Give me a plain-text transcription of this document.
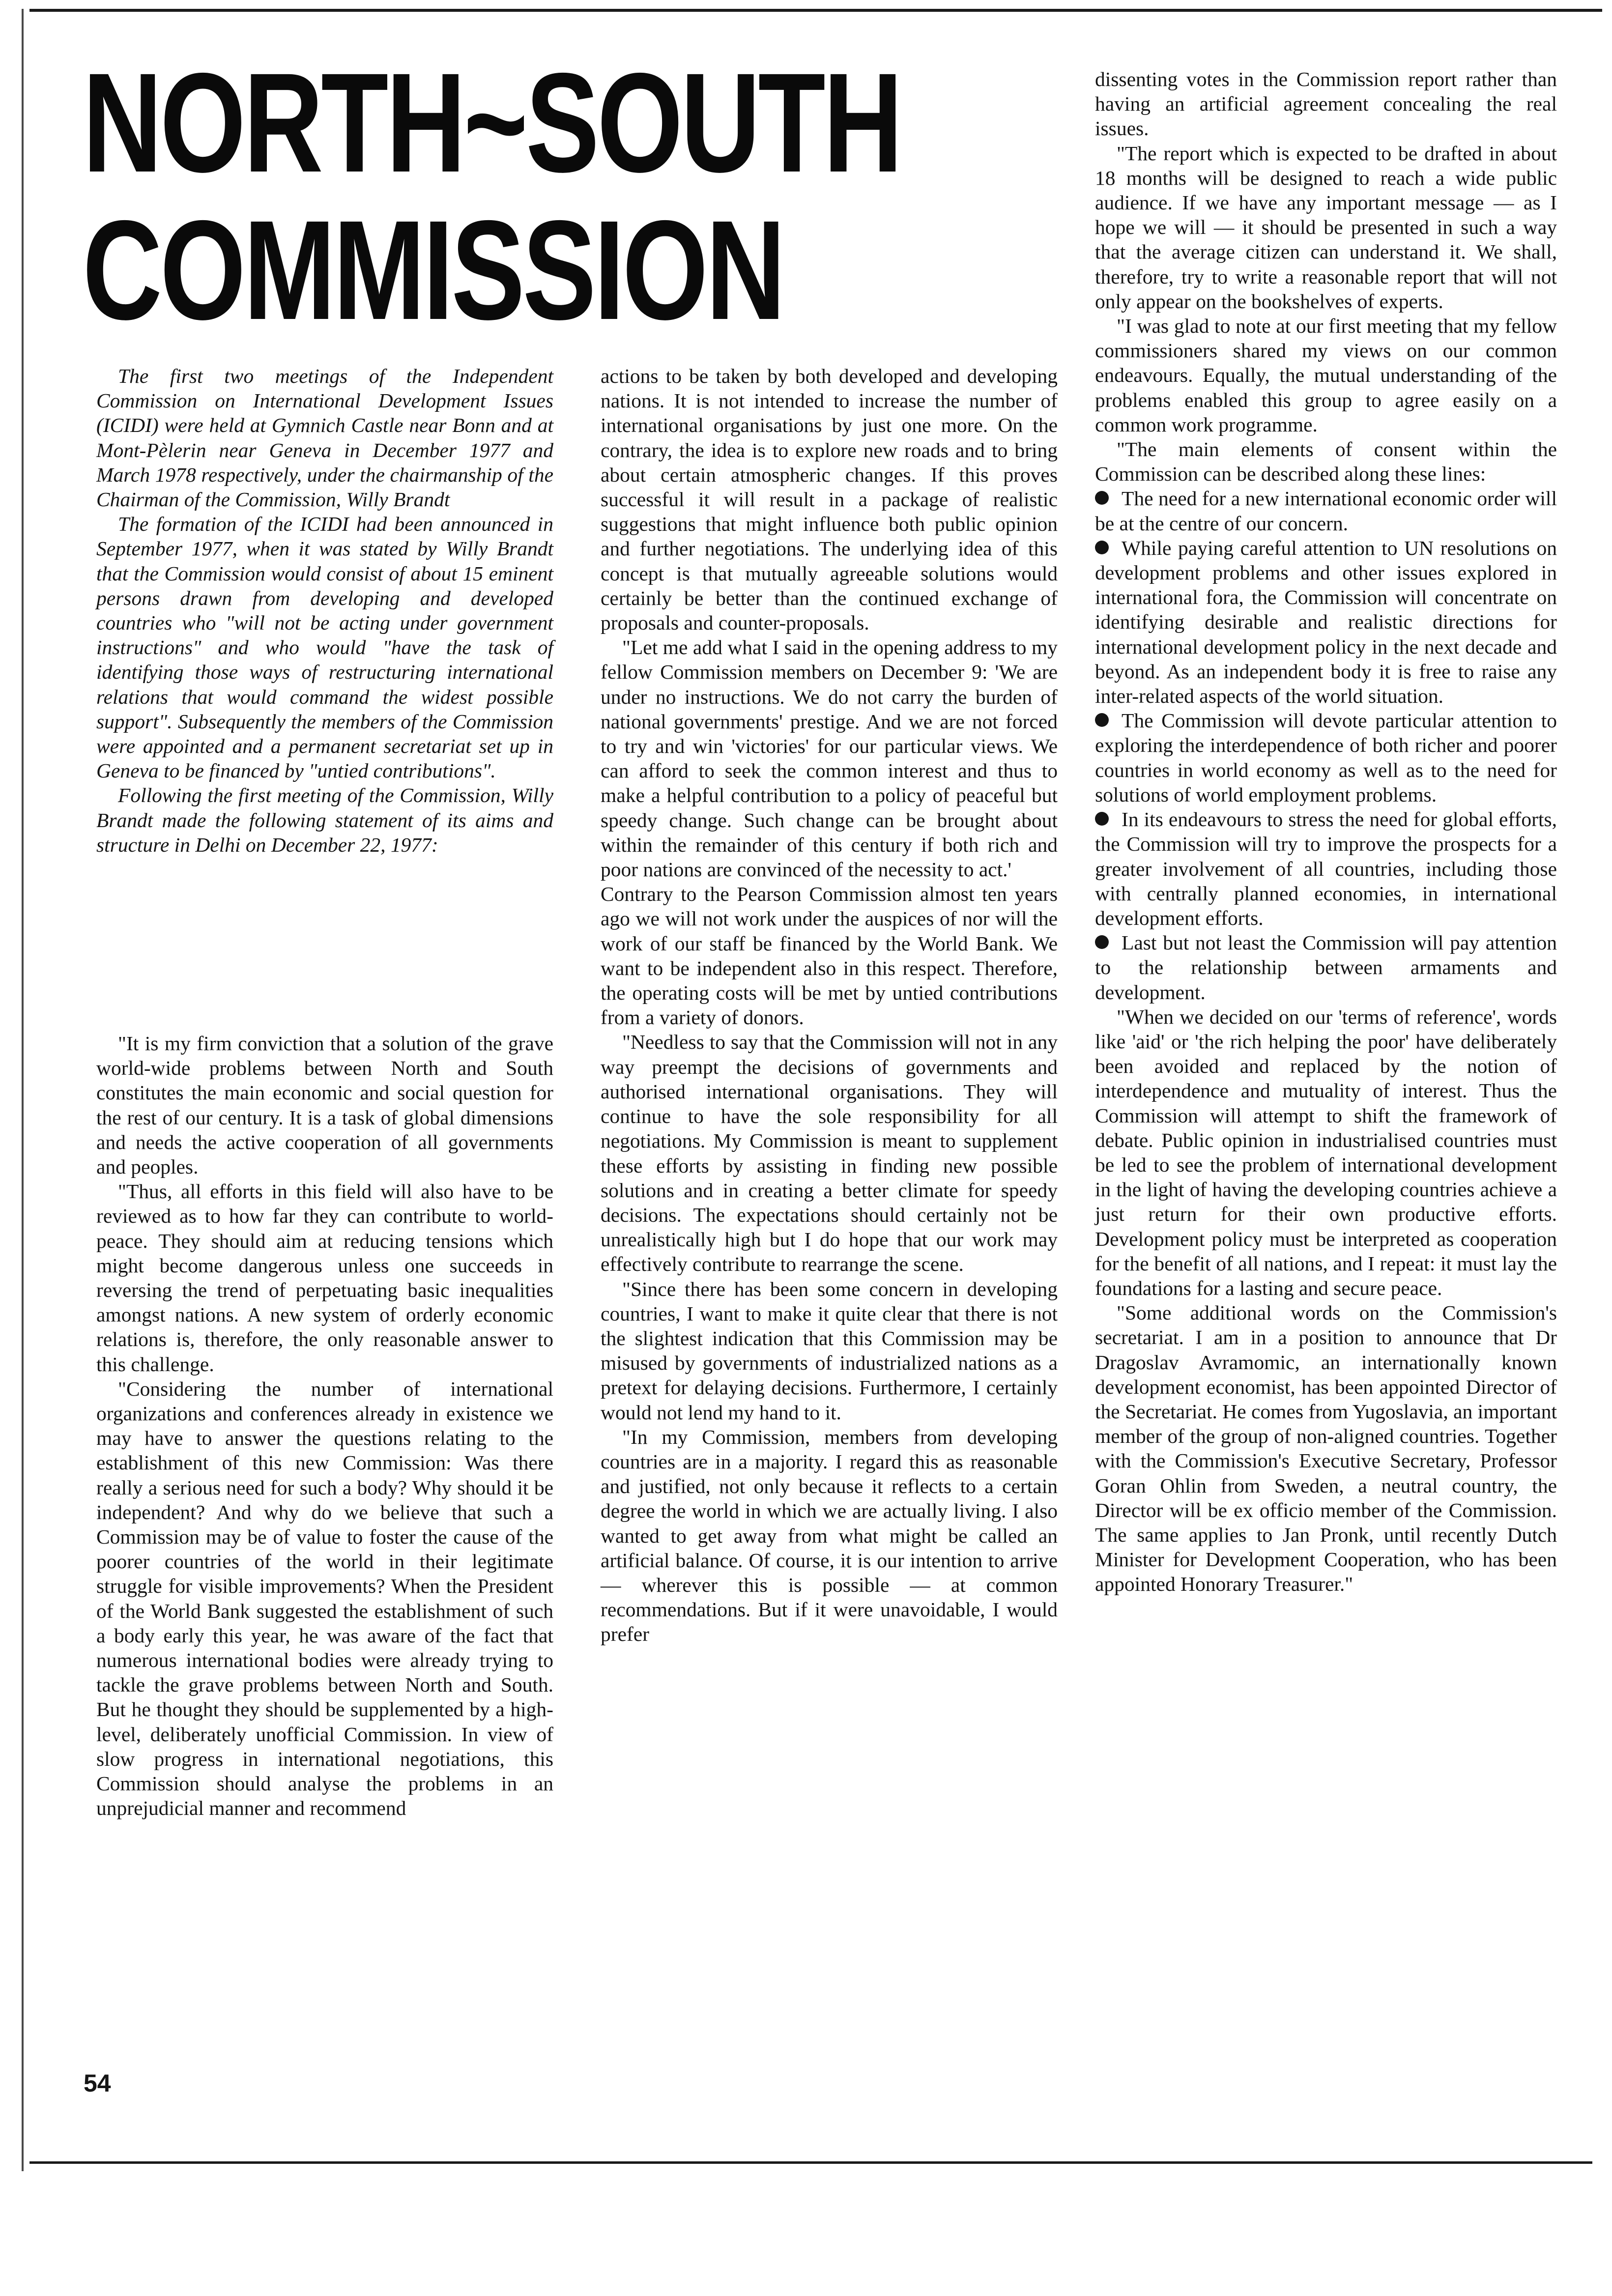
NORTH~SOUTH
COMMISSION

The first two meetings of the Independent Commission on International Development Issues (ICIDI) were held at Gymnich Castle near Bonn and at Mont-Pèlerin near Geneva in December 1977 and March 1978 respectively, under the chairmanship of the Chairman of the Commission, Willy Brandt

The formation of the ICIDI had been announced in September 1977, when it was stated by Willy Brandt that the Commission would consist of about 15 eminent persons drawn from developing and developed countries who "will not be acting under government instructions" and who would "have the task of identifying those ways of restructuring international relations that would command the widest possible support". Subsequently the members of the Commission were appointed and a permanent secretariat set up in Geneva to be financed by "untied contributions".

Following the first meeting of the Commission, Willy Brandt made the following statement of its aims and structure in Delhi on December 22, 1977:

"It is my firm conviction that a solution of the grave world-wide problems between North and South constitutes the main economic and social question for the rest of our century. It is a task of global dimensions and needs the active cooperation of all governments and peoples.

"Thus, all efforts in this field will also have to be reviewed as to how far they can contribute to world-peace. They should aim at reducing tensions which might become dangerous unless one succeeds in reversing the trend of perpetuating basic inequalities amongst nations. A new system of orderly economic relations is, therefore, the only reasonable answer to this challenge.

"Considering the number of international organizations and conferences already in existence we may have to answer the questions relating to the establishment of this new Commission: Was there really a serious need for such a body? Why should it be independent? And why do we believe that such a Commission may be of value to foster the cause of the poorer countries of the world in their legitimate struggle for visible improvements? When the President of the World Bank suggested the establishment of such a body early this year, he was aware of the fact that numerous international bodies were already trying to tackle the grave problems between North and South. But he thought they should be supplemented by a high-level, deliberately unofficial Commission. In view of slow progress in international negotiations, this Commission should analyse the problems in an unprejudicial manner and recommend

actions to be taken by both developed and developing nations. It is not intended to increase the number of international organisations by just one more. On the contrary, the idea is to explore new roads and to bring about certain atmospheric changes. If this proves successful it will result in a package of realistic suggestions that might influence both public opinion and further negotiations. The underlying idea of this concept is that mutually agreeable solutions would certainly be better than the continued exchange of proposals and counter-proposals.

"Let me add what I said in the opening address to my fellow Commission members on December 9: 'We are under no instructions. We do not carry the burden of national governments' prestige. And we are not forced to try and win 'victories' for our particular views. We can afford to seek the common interest and thus to make a helpful contribution to a policy of peaceful but speedy change. Such change can be brought about within the remainder of this century if both rich and poor nations are convinced of the necessity to act.'

Contrary to the Pearson Commission almost ten years ago we will not work under the auspices of nor will the work of our staff be financed by the World Bank. We want to be independent also in this respect. Therefore, the operating costs will be met by untied contributions from a variety of donors.

"Needless to say that the Commission will not in any way preempt the decisions of governments and authorised international organisations. They will continue to have the sole responsibility for all negotiations. My Commission is meant to supplement these efforts by assisting in finding new possible solutions and in creating a better climate for speedy decisions. The expectations should certainly not be unrealistically high but I do hope that our work may effectively contribute to rearrange the scene.

"Since there has been some concern in developing countries, I want to make it quite clear that there is not the slightest indication that this Commission may be misused by governments of industrialized nations as a pretext for delaying decisions. Furthermore, I certainly would not lend my hand to it.

"In my Commission, members from developing countries are in a majority. I regard this as reasonable and justified, not only because it reflects to a certain degree the world in which we are actually living. I also wanted to get away from what might be called an artificial balance. Of course, it is our intention to arrive — wherever this is possible — at common recommendations. But if it were unavoidable, I would prefer

dissenting votes in the Commission report rather than having an artificial agreement concealing the real issues.

"The report which is expected to be drafted in about 18 months will be designed to reach a wide public audience. If we have any important message — as I hope we will — it should be presented in such a way that the average citizen can understand it. We shall, therefore, try to write a reasonable report that will not only appear on the bookshelves of experts.

"I was glad to note at our first meeting that my fellow commissioners shared my views on our common endeavours. Equally, the mutual understanding of the problems enabled this group to agree easily on a common work programme.

"The main elements of consent within the Commission can be described along these lines:

The need for a new international economic order will be at the centre of our concern.

While paying careful attention to UN resolutions on development problems and other issues explored in international fora, the Commission will concentrate on identifying desirable and realistic directions for international development policy in the next decade and beyond. As an independent body it is free to raise any inter-related aspects of the world situation.

The Commission will devote particular attention to exploring the interdependence of both richer and poorer countries in world economy as well as to the need for solutions of world employment problems.

In its endeavours to stress the need for global efforts, the Commission will try to improve the prospects for a greater involvement of all countries, including those with centrally planned economies, in international development efforts.

Last but not least the Commission will pay attention to the relationship between armaments and development.

"When we decided on our 'terms of reference', words like 'aid' or 'the rich helping the poor' have deliberately been avoided and replaced by the notion of interdependence and mutuality of interest. Thus the Commission will attempt to shift the framework of debate. Public opinion in industrialised countries must be led to see the problem of international development in the light of having the developing countries achieve a just return for their own productive efforts. Development policy must be interpreted as cooperation for the benefit of all nations, and I repeat: it must lay the foundations for a lasting and secure peace.

"Some additional words on the Commission's secretariat. I am in a position to announce that Dr Dragoslav Avramomic, an internationally known development economist, has been appointed Director of the Secretariat. He comes from Yugoslavia, an important member of the group of non-aligned countries. Together with the Commission's Executive Secretary, Professor Goran Ohlin from Sweden, a neutral country, the Director will be ex officio member of the Commission. The same applies to Jan Pronk, until recently Dutch Minister for Development Cooperation, who has been appointed Honorary Treasurer."

54
